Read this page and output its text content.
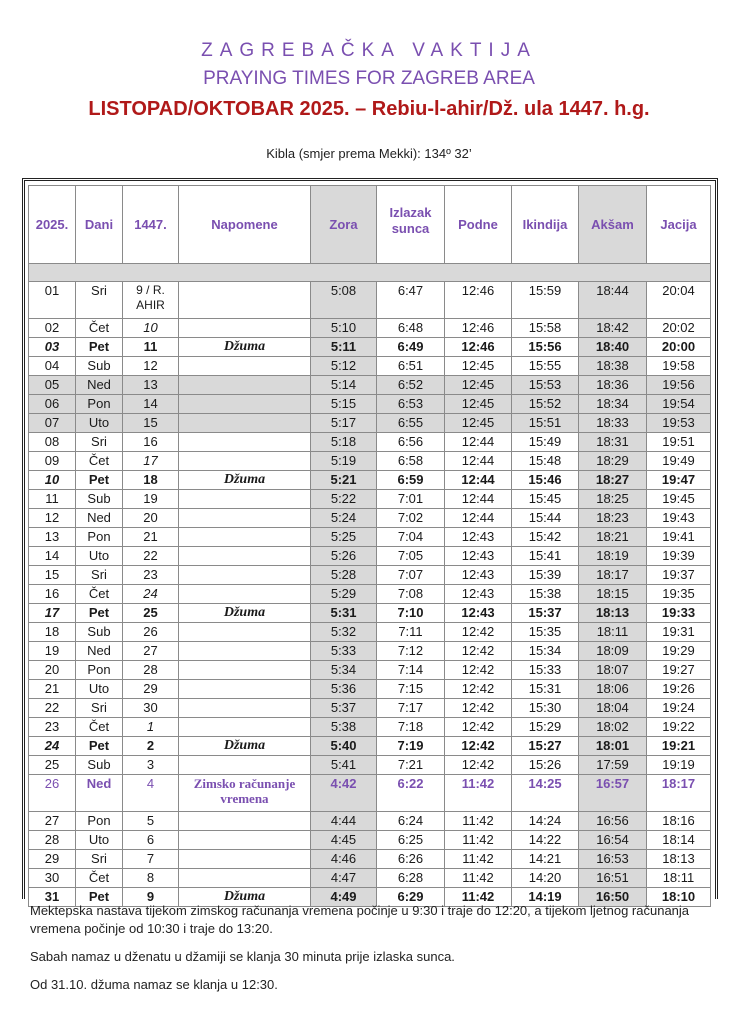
ZAGREBAČKA VAKTIJA
PRAYING TIMES FOR ZAGREB AREA
LISTOPAD/OKTOBAR 2025. – Rebiu-l-ahir/Dž. ula 1447. h.g.
Kibla (smjer prema Mekki): 134º 32’
2025.	Dani	1447.	Napomene	Zora	Izlazak sunca	Podne	Ikindija	Akšam	Jacija

01	Sri	9 / R. AHIR		5:08	6:47	12:46	15:59	18:44	20:04
02	Čet	10		5:10	6:48	12:46	15:58	18:42	20:02
03	Pet	11	Džuma	5:11	6:49	12:46	15:56	18:40	20:00
04	Sub	12		5:12	6:51	12:45	15:55	18:38	19:58
05	Ned	13		5:14	6:52	12:45	15:53	18:36	19:56
06	Pon	14		5:15	6:53	12:45	15:52	18:34	19:54
07	Uto	15		5:17	6:55	12:45	15:51	18:33	19:53
08	Sri	16		5:18	6:56	12:44	15:49	18:31	19:51
09	Čet	17		5:19	6:58	12:44	15:48	18:29	19:49
10	Pet	18	Džuma	5:21	6:59	12:44	15:46	18:27	19:47
11	Sub	19		5:22	7:01	12:44	15:45	18:25	19:45
12	Ned	20		5:24	7:02	12:44	15:44	18:23	19:43
13	Pon	21		5:25	7:04	12:43	15:42	18:21	19:41
14	Uto	22		5:26	7:05	12:43	15:41	18:19	19:39
15	Sri	23		5:28	7:07	12:43	15:39	18:17	19:37
16	Čet	24		5:29	7:08	12:43	15:38	18:15	19:35
17	Pet	25	Džuma	5:31	7:10	12:43	15:37	18:13	19:33
18	Sub	26		5:32	7:11	12:42	15:35	18:11	19:31
19	Ned	27		5:33	7:12	12:42	15:34	18:09	19:29
20	Pon	28		5:34	7:14	12:42	15:33	18:07	19:27
21	Uto	29		5:36	7:15	12:42	15:31	18:06	19:26
22	Sri	30		5:37	7:17	12:42	15:30	18:04	19:24
23	Čet	1		5:38	7:18	12:42	15:29	18:02	19:22
24	Pet	2	Džuma	5:40	7:19	12:42	15:27	18:01	19:21
25	Sub	3		5:41	7:21	12:42	15:26	17:59	19:19
26	Ned	4	Zimsko računanje vremena	4:42	6:22	11:42	14:25	16:57	18:17
27	Pon	5		4:44	6:24	11:42	14:24	16:56	18:16
28	Uto	6		4:45	6:25	11:42	14:22	16:54	18:14
29	Sri	7		4:46	6:26	11:42	14:21	16:53	18:13
30	Čet	8		4:47	6:28	11:42	14:20	16:51	18:11
31	Pet	9	Džuma	4:49	6:29	11:42	14:19	16:50	18:10

Mektepska nastava tijekom zimskog računanja vremena počinje u 9:30 i traje do 12:20, a tijekom ljetnog računanja vremena počinje od 10:30 i traje do 13:20.

Sabah namaz u dženatu u džamiji se klanja 30 minuta prije izlaska sunca.

Od 31.10. džuma namaz se klanja u 12:30.
